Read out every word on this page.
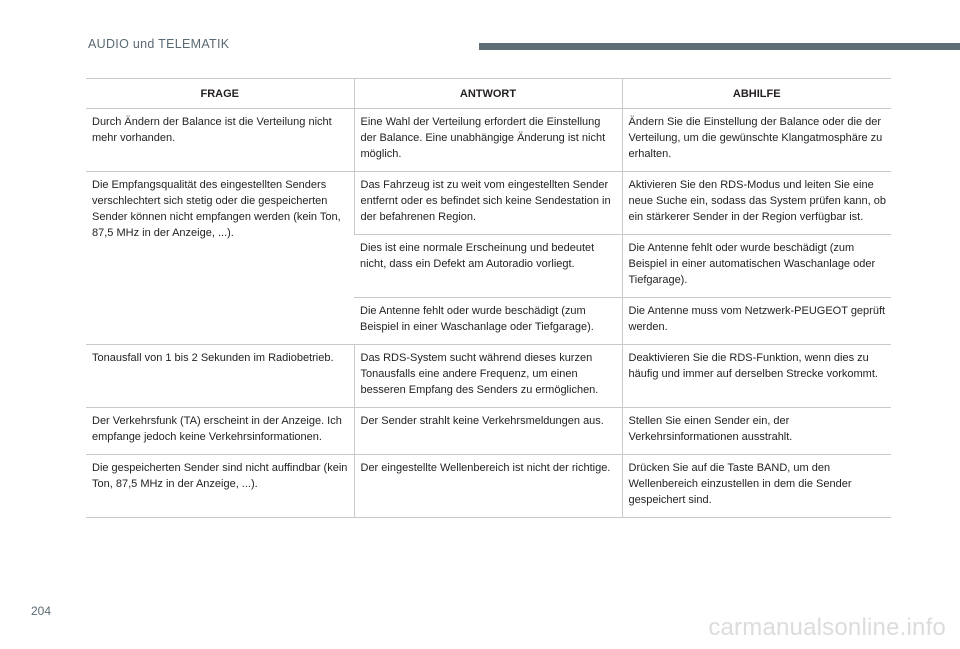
AUDIO und TELEMATIK
FRAGE	ANTWORT	ABHILFE
Durch Ändern der Balance ist die Verteilung nicht mehr vorhanden.	Eine Wahl der Verteilung erfordert die Einstellung der Balance. Eine unabhängige Änderung ist nicht möglich.	Ändern Sie die Einstellung der Balance oder die der Verteilung, um die gewünschte Klangatmosphäre zu erhalten.
Die Empfangsqualität des eingestellten Senders verschlechtert sich stetig oder die gespeicherten Sender können nicht empfangen werden (kein Ton, 87,5 MHz in der Anzeige, ...).	Das Fahrzeug ist zu weit vom eingestellten Sender entfernt oder es befindet sich keine Sendestation in der befahrenen Region.	Aktivieren Sie den RDS-Modus und leiten Sie eine neue Suche ein, sodass das System prüfen kann, ob ein stärkerer Sender in der Region verfügbar ist.
	Dies ist eine normale Erscheinung und bedeutet nicht, dass ein Defekt am Autoradio vorliegt.	Die Antenne fehlt oder wurde beschädigt (zum Beispiel in einer automatischen Waschanlage oder Tiefgarage).
	Die Antenne fehlt oder wurde beschädigt (zum Beispiel in einer Waschanlage oder Tiefgarage).	Die Antenne muss vom Netzwerk-PEUGEOT geprüft werden.
Tonausfall von 1 bis 2 Sekunden im Radiobetrieb.	Das RDS-System sucht während dieses kurzen Tonausfalls eine andere Frequenz, um einen besseren Empfang des Senders zu ermöglichen.	Deaktivieren Sie die RDS-Funktion, wenn dies zu häufig und immer auf derselben Strecke vorkommt.
Der Verkehrsfunk (TA) erscheint in der Anzeige. Ich empfange jedoch keine Verkehrsinformationen.	Der Sender strahlt keine Verkehrsmeldungen aus.	Stellen Sie einen Sender ein, der Verkehrsinformationen ausstrahlt.
Die gespeicherten Sender sind nicht auffindbar (kein Ton, 87,5 MHz in der Anzeige, ...).	Der eingestellte Wellenbereich ist nicht der richtige.	Drücken Sie auf die Taste BAND, um den Wellenbereich einzustellen in dem die Sender gespeichert sind.
204
carmanualsonline.info
